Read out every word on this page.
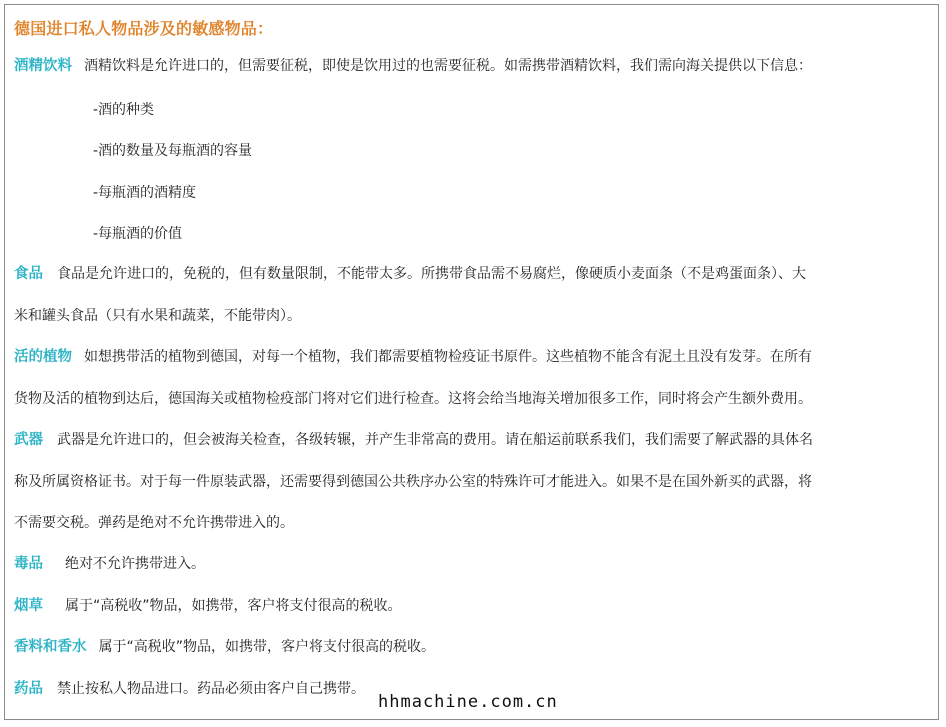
德国进口私人物品涉及的敏感物品：
酒精饮料 酒精饮料是允许进口的，但需要征税，即使是饮用过的也需要征税。如需携带酒精饮料，我们需向海关提供以下信息：
-酒的种类
-酒的数量及每瓶酒的容量
-每瓶酒的酒精度
-每瓶酒的价值
食品 食品是允许进口的，免税的，但有数量限制，不能带太多。所携带食品需不易腐烂，像硬质小麦面条（不是鸡蛋面条）、大
米和罐头食品（只有水果和蔬菜，不能带肉）。
活的植物 如想携带活的植物到德国，对每一个植物，我们都需要植物检疫证书原件。这些植物不能含有泥土且没有发芽。在所有
货物及活的植物到达后，德国海关或植物检疫部门将对它们进行检查。这将会给当地海关增加很多工作，同时将会产生额外费用。
武器 武器是允许进口的，但会被海关检查，各级转辗，并产生非常高的费用。请在船运前联系我们，我们需要了解武器的具体名
称及所属资格证书。对于每一件原装武器，还需要得到德国公共秩序办公室的特殊许可才能进入。如果不是在国外新买的武器，将
不需要交税。弹药是绝对不允许携带进入的。
毒品 绝对不允许携带进入。
烟草 属于“高税收”物品，如携带，客户将支付很高的税收。
香料和香水 属于“高税收”物品，如携带，客户将支付很高的税收。
药品 禁止按私人物品进口。药品必须由客户自己携带。
hhmachine.com.cn
